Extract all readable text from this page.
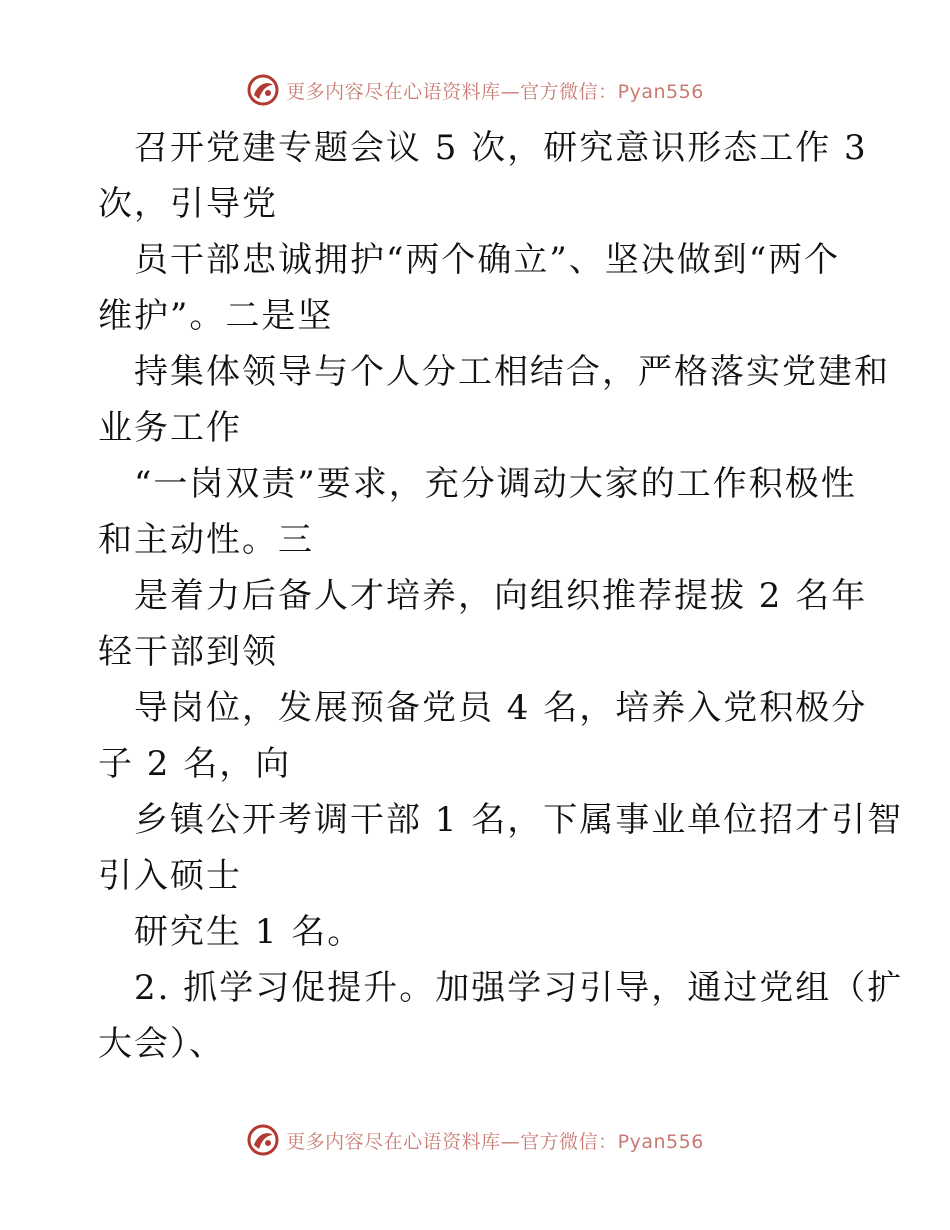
更多内容尽在心语资料库—官方微信：Pyan556
召开党建专题会议 5 次，研究意识形态工作 3
次，引导党
员干部忠诚拥护“两个确立”、坚决做到“两个
维护”。二是坚
持集体领导与个人分工相结合，严格落实党建和
业务工作
“一岗双责”要求，充分调动大家的工作积极性
和主动性。三
是着力后备人才培养，向组织推荐提拔 2 名年
轻干部到领
导岗位，发展预备党员 4 名，培养入党积极分
子 2 名，向
乡镇公开考调干部 1 名，下属事业单位招才引智
引入硕士
研究生 1 名。
2. 抓学习促提升。加强学习引导，通过党组（扩
大会）、
更多内容尽在心语资料库—官方微信：Pyan556
